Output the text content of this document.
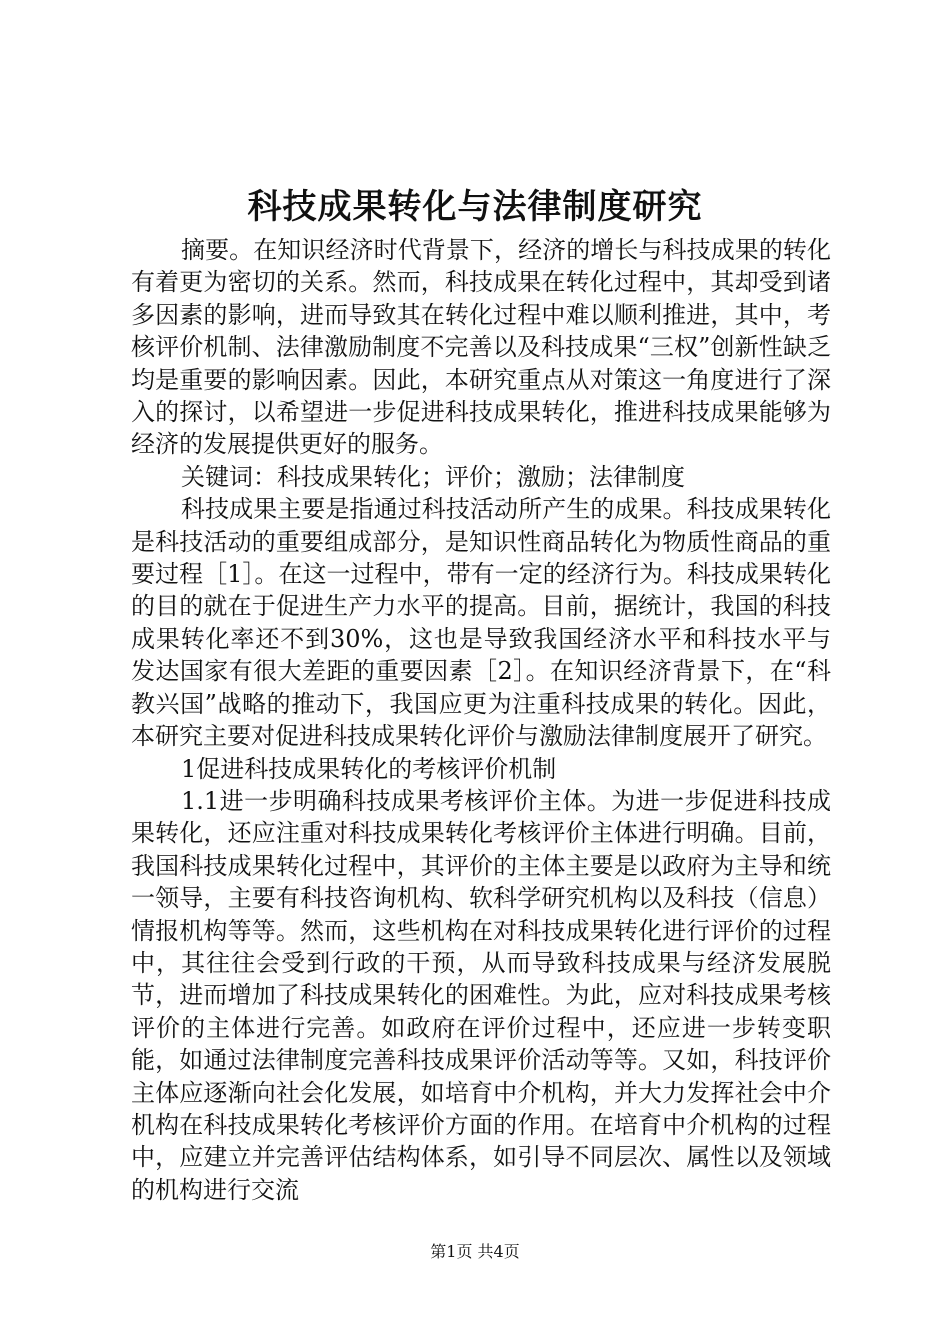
科技成果转化与法律制度研究

摘要。在知识经济时代背景下，经济的增长与科技成果的转化有着更为密切的关系。然而，科技成果在转化过程中，其却受到诸多因素的影响，进而导致其在转化过程中难以顺利推进，其中，考核评价机制、法律激励制度不完善以及科技成果“三权”创新性缺乏均是重要的影响因素。因此，本研究重点从对策这一角度进行了深入的探讨，以希望进一步促进科技成果转化，推进科技成果能够为经济的发展提供更好的服务。

关键词：科技成果转化；评价；激励；法律制度

科技成果主要是指通过科技活动所产生的成果。科技成果转化是科技活动的重要组成部分，是知识性商品转化为物质性商品的重要过程［1］。在这一过程中，带有一定的经济行为。科技成果转化的目的就在于促进生产力水平的提高。目前，据统计，我国的科技成果转化率还不到30%，这也是导致我国经济水平和科技水平与发达国家有很大差距的重要因素［2］。在知识经济背景下，在“科教兴国”战略的推动下，我国应更为注重科技成果的转化。因此，本研究主要对促进科技成果转化评价与激励法律制度展开了研究。

1促进科技成果转化的考核评价机制

1.1进一步明确科技成果考核评价主体。为进一步促进科技成果转化，还应注重对科技成果转化考核评价主体进行明确。目前，我国科技成果转化过程中，其评价的主体主要是以政府为主导和统一领导，主要有科技咨询机构、软科学研究机构以及科技（信息）情报机构等等。然而，这些机构在对科技成果转化进行评价的过程中，其往往会受到行政的干预，从而导致科技成果与经济发展脱节，进而增加了科技成果转化的困难性。为此，应对科技成果考核评价的主体进行完善。如政府在评价过程中，还应进一步转变职能，如通过法律制度完善科技成果评价活动等等。又如，科技评价主体应逐渐向社会化发展，如培育中介机构，并大力发挥社会中介机构在科技成果转化考核评价方面的作用。在培育中介机构的过程中，应建立并完善评估结构体系，如引导不同层次、属性以及领域的机构进行交流

第1页 共4页
